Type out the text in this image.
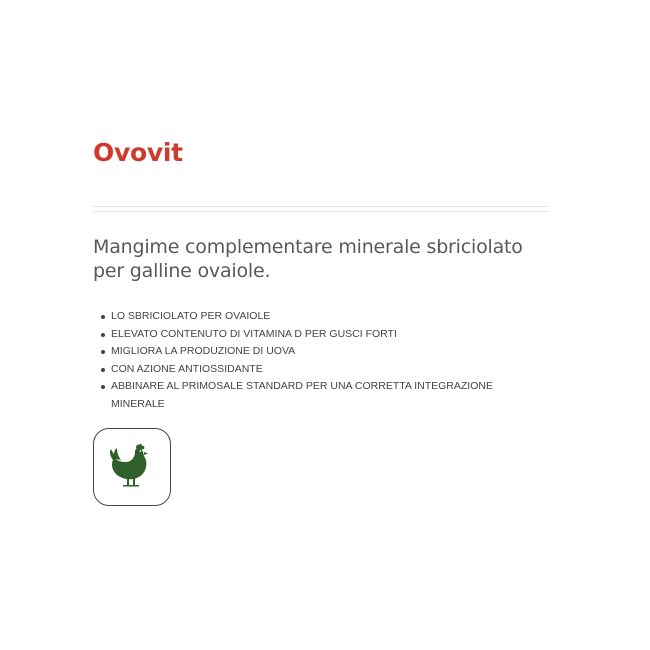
Ovovit

Mangime complementare minerale sbriciolato per galline ovaiole.

LO SBRICIOLATO PER OVAIOLE
ELEVATO CONTENUTO DI VITAMINA D PER GUSCI FORTI
MIGLIORA LA PRODUZIONE DI UOVA
CON AZIONE ANTIOSSIDANTE
ABBINARE AL PRIMOSALE STANDARD PER UNA CORRETTA INTEGRAZIONE MINERALE
